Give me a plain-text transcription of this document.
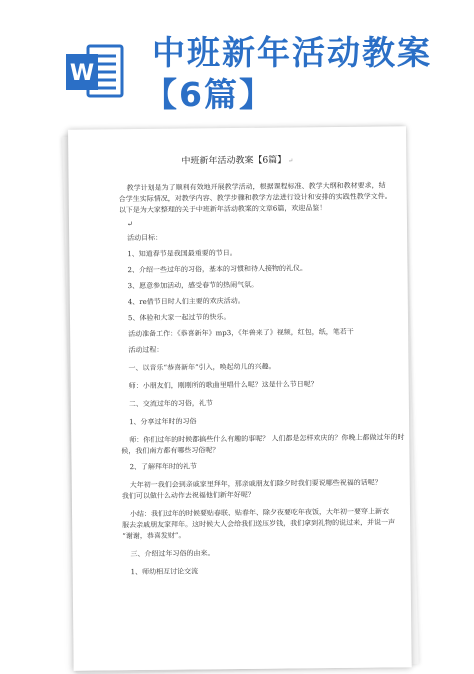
W
中班新年活动教案
【6篇】
中班新年活动教案【6篇】 ↵
教学计划是为了顺利有效地开展教学活动，根据课程标准、教学大纲和教材要求，结
合学生实际情况，对教学内容、教学步骤和教学方法进行设计和安排的实践性教学文件。
以下是为大家整理的关于中班新年活动教案的文章6篇，欢迎品鉴！
↵
活动目标：
1、知道春节是我国最重要的节日。
2、介绍一些过年的习俗，基本的习惯和待人接物的礼仪。
3、愿意参加活动，感受春节的热闹气氛。
4、re借节日时人们主要的欢庆活动。
5、体验和大家一起过节的快乐。
活动准备工作：《恭喜新年》mp3，《年兽来了》视频，红包，纸，笔若干
活动过程：
一、以音乐“恭喜新年”引入，唤起幼儿的兴趣。
师：小朋友们，刚刚所的歌曲里唱什么呢？这是什么节日呢？
二、交流过年的习俗，礼节
1、分享过年时的习俗
师：你们过年的时候都搞些什么有趣的事呢？ 人们都是怎样欢庆的？你晚上都做过年的时
候，我们南方都有哪些习俗呢？
2、了解拜年时的礼节
大年初一我们会到亲戚家里拜年，那亲戚朋友们除夕时我们要说哪些祝福的话呢？
我们可以做什么动作去祝福他们新年好呢？
小结：我们过年的时候要贴春联、贴春年、除夕夜要吃年夜饭，大年初一要穿上新衣
服去亲戚朋友家拜年。这时候大人会给我们送压岁钱，我们拿到礼物的说过来，并说一声
“谢谢，恭喜发财”。
三、介绍过年习俗的由来。
1、师幼相互讨论交流
